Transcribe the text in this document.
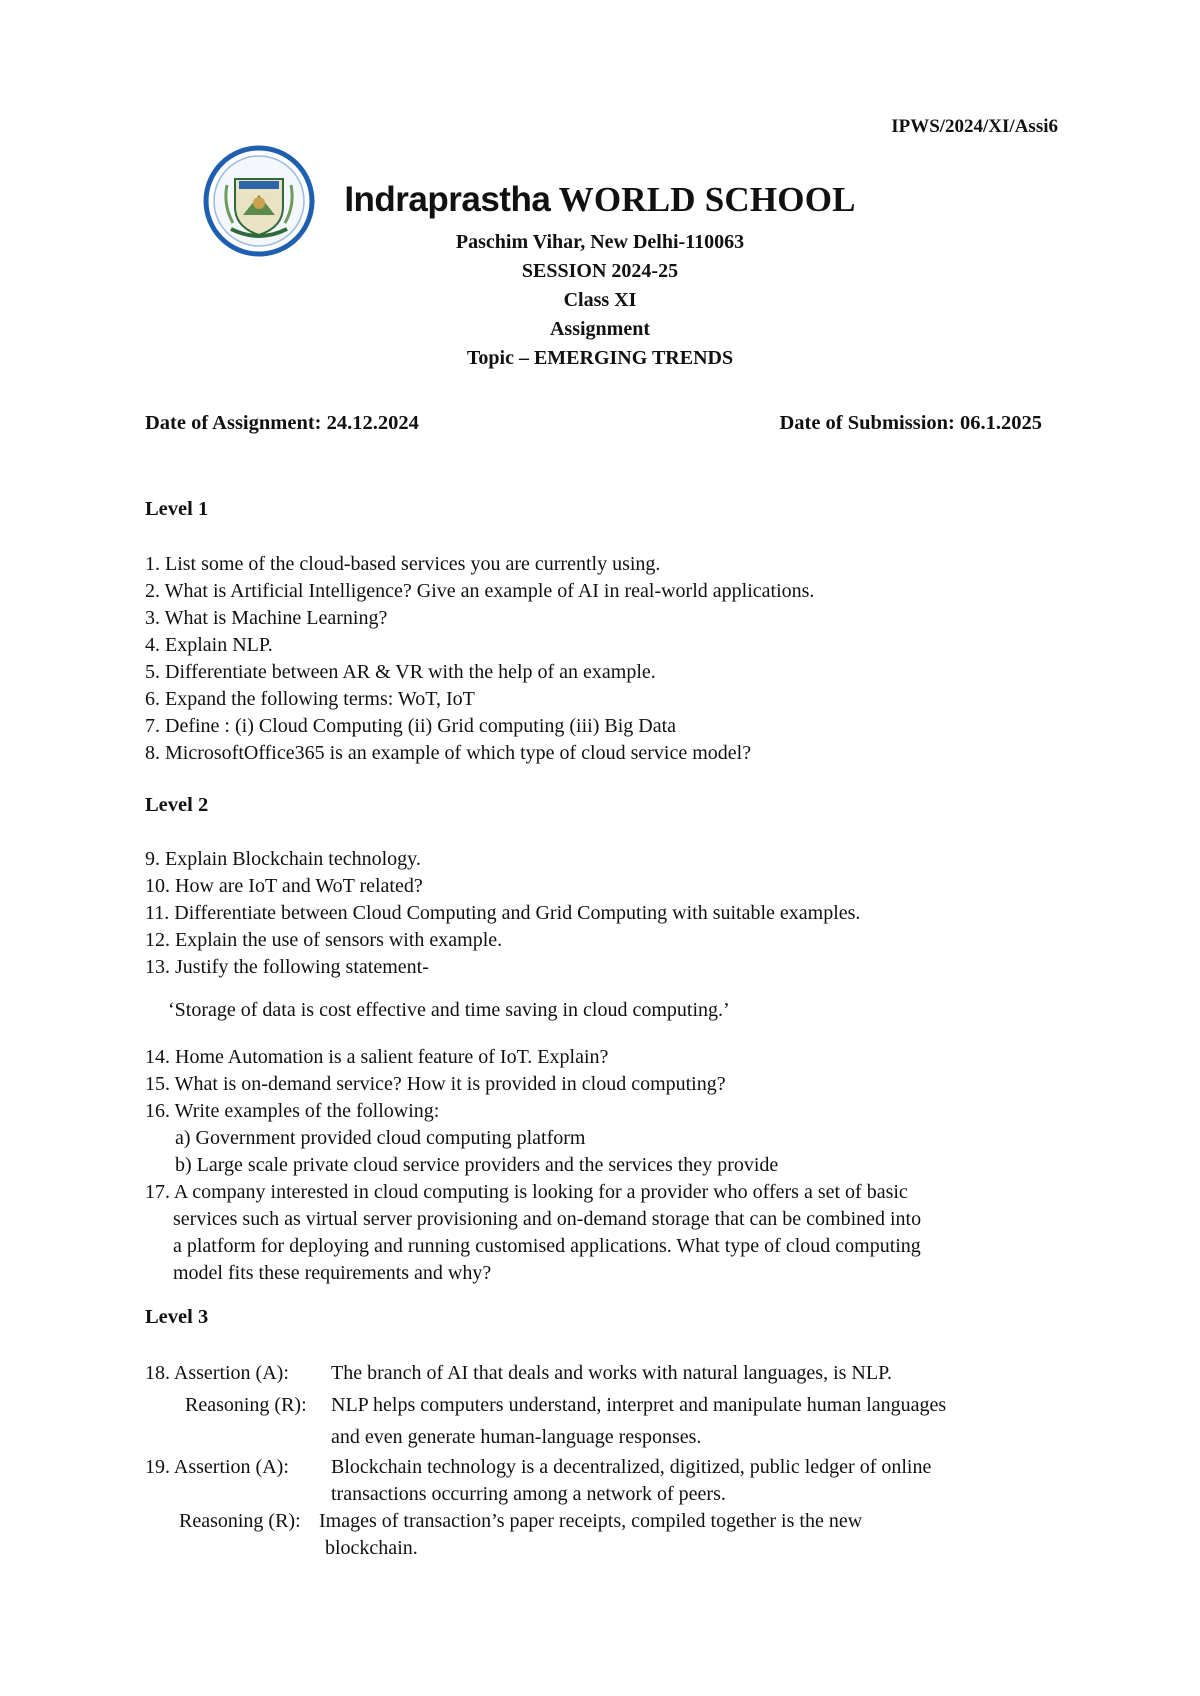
IPWS/2024/XI/Assi6
Indraprastha WORLD SCHOOL
Paschim Vihar, New Delhi-110063
SESSION 2024-25
Class XI
Assignment
Topic – EMERGING TRENDS
Date of Assignment: 24.12.2024	Date of Submission: 06.1.2025
Level 1
1. List some of the cloud-based services you are currently using.
2. What is Artificial Intelligence? Give an example of AI in real-world applications.
3. What is Machine Learning?
4. Explain NLP.
5. Differentiate between AR & VR with the help of an example.
6. Expand the following terms: WoT, IoT
7. Define : (i) Cloud Computing (ii) Grid computing (iii) Big Data
8. MicrosoftOffice365 is an example of which type of cloud service model?
Level 2
9. Explain Blockchain technology.
10. How are IoT and WoT related?
11. Differentiate between Cloud Computing and Grid Computing with suitable examples.
12. Explain the use of sensors with example.
13. Justify the following statement-
‘Storage of data is cost effective and time saving in cloud computing.’
14. Home Automation is a salient feature of IoT. Explain?
15. What is on-demand service? How it is provided in cloud computing?
16. Write examples of the following:
a) Government provided cloud computing platform
b) Large scale private cloud service providers and the services they provide
17. A company interested in cloud computing is looking for a provider who offers a set of basic
services such as virtual server provisioning and on-demand storage that can be combined into
a platform for deploying and running customised applications. What type of cloud computing
model fits these requirements and why?
Level 3
18. Assertion (A):	The branch of AI that deals and works with natural languages, is NLP.
Reasoning (R):	NLP helps computers understand, interpret and manipulate human languages
and even generate human-language responses.
19. Assertion (A):	Blockchain technology is a decentralized, digitized, public ledger of online
transactions occurring among a network of peers.
Reasoning (R): Images of transaction’s paper receipts, compiled together is the new
blockchain.
